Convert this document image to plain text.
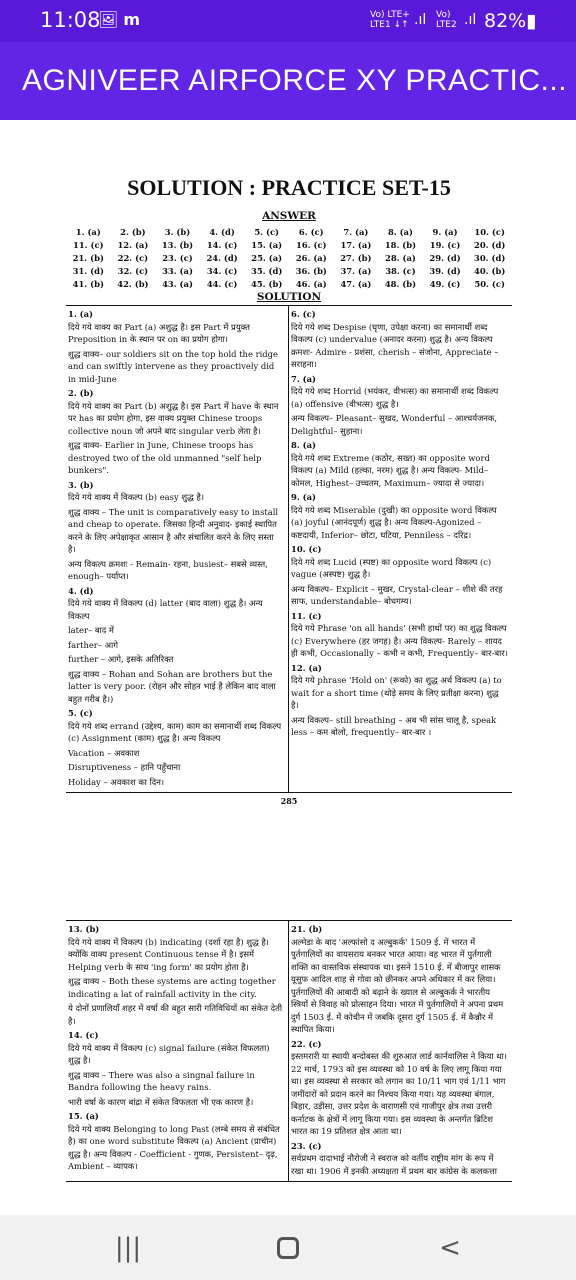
11:08
🖼 m	Vo) LTE+
LTE1 ↓↑ .ıl Vo)
LTE2 .ıl 82%▮
AGNIVEER AIRFORCE XY PRACTIC...
SOLUTION : PRACTICE SET-15
ANSWER
1. (a)	2. (b)	3. (b)	4. (d)	5. (c)	6. (c)	7. (a)	8. (a)	9. (a)	10. (c)
11. (c)	12. (a)	13. (b)	14. (c)	15. (a)	16. (c)	17. (a)	18. (b)	19. (c)	20. (d)
21. (b)	22. (c)	23. (c)	24. (d)	25. (a)	26. (a)	27. (b)	28. (a)	29. (d)	30. (d)
31. (d)	32. (c)	33. (a)	34. (c)	35. (d)	36. (b)	37. (a)	38. (c)	39. (d)	40. (b)
41. (b)	42. (b)	43. (a)	44. (c)	45. (b)	46. (a)	47. (a)	48. (b)	49. (c)	50. (c)
SOLUTION
1. (a)

दिये गये वाक्य का Part (a) अशुद्ध है। इस Part में प्रयुक्त Preposition in के स्थान पर on का प्रयोग होगा।

शुद्ध वाक्य– our soldiers sit on the top hold the ridge and can swiftly intervene as they proactively did in mid-June

2. (b)

दिये गये वाक्य का Part (b) अशुद्ध है। इस Part में have के स्थान पर has का प्रयोग होगा, इस वाक्य प्रयुक्त Chinese troops collective noun जो अपने बाद singular verb लेता है।

शुद्ध वाक्य- Earlier in June, Chinese troops has destroyed two of the old unmanned "self help bunkers".

3. (b)

दिये गये वाक्य में विकल्प (b) easy शुद्ध है।

शुद्ध वाक्य – The unit is comparatively easy to install and cheap to operate. जिसका हिन्दी अनुवाद- इकाई स्थापित करने के लिए अपेक्षाकृत आसान है और संचालित करने के लिए सस्ता है।

अन्य विकल्प क्रमशः - Remain- रहना, busiest– सबसे व्यस्त, enough– पर्याप्त।

4. (d)

दिये गये वाक्य में विकल्प (d) latter (बाद वाला) शुद्ध है। अन्य विकल्प

later– बाद में

farther– आगे

further – आगे, इसके अतिरिक्त

शुद्ध वाक्य – Rohan and Sohan are brothers but the latter is very poor. (रोहन और सोहन भाई है लेकिन बाद वाला बहुत गरीब है।)

5. (c)

दिये गये शब्द errand (उद्देश्य, काम) काम का समानार्थी शब्द विकल्प (c) Assignment (काम) शुद्ध है। अन्य विकल्प

Vacation – अवकाश

Disruptiveness – हानि पहुँचाना

Holiday – अवकाश का दिन।

6. (c)

दिये गये शब्द Despise (घृणा, उपेक्षा करना) का समानार्थी शब्द विकल्प (c) undervalue (अनादर करना) शुद्ध है। अन्य विकल्प क्रमशः- Admire - प्रशंसा, cherish – संजोना, Appreciate – सराहना।

7. (a)

दिये गये शब्द Horrid (भयंकर, वीभत्स) का समानार्थी शब्द विकल्प (a) offensive (वीभत्स) शुद्ध है।

अन्य विकल्प– Pleasant– सुखद, Wonderful – आश्चर्यजनक, Delightful– सुहाना।

8. (a)

दिये गये शब्द Extreme (कठोर, सख्त) का opposite word विकल्प (a) Mild (हल्का, नरम) शुद्ध है। अन्य विकल्प- Mild– कोमल, Highest– उच्चतम, Maximum– ज्यादा से ज्यादा।

9. (a)

दिये गये शब्द Miserable (दुखी) का opposite word विकल्प (a) joyful (आनंदपूर्ण) शुद्ध है। अन्य विकल्प-Agonized – कष्टदायी, Inferior– छोटा, घटिया, Penniless – दरिद्र।

10. (c)

दिये गये शब्द Lucid (स्पष्ट) का opposite word विकल्प (c) vague (अस्पष्ट) शुद्ध है।

अन्य विकल्प– Explicit – मुखर, Crystal-clear – शीशे की तरह साफ, understandable– बोधगम्य।

11. (c)

दिये गये Phrase 'on all hands' (सभी हाथों पर) का शुद्ध विकल्प (c) Everywhere (हर जगह) है। अन्य विकल्प- Rarely – शायद ही कभी, Occasionally – कभी न कभी, Frequently– बार-बार।

12. (a)

दिये गये phrase 'Hold on' (रूको) का शुद्ध अर्थ विकल्प (a) to wait for a short time (थोड़े समय के लिए प्रतीक्षा करना) शुद्ध है।

अन्य विकल्प– still breathing – अब भी सांस चालू है, speak less – कम बोलो, frequently– बार-बार ।

285
13. (b)

दिये गये वाक्य में विकल्प (b) indicating (दर्शा रहा है) शुद्ध है। क्योंकि वाक्य present Continuous tense में है। इसमें Helping verb के साथ 'ing form' का प्रयोग होता है।

शुद्ध वाक्य – Both these systems are acting together indicating a lat of rainfall activity in the city.

ये दोनों प्रणालियाँ शहर में वर्षा की बहुत सारी गतिविधियों का संकेत देती है।

14. (c)

दिये गये वाक्य में विकल्प (c) signal failure (संकेत विफलता) शुद्ध है।

शुद्ध वाक्य – There was also a singnal failure in Bandra following the heavy rains.

भारी वर्षा के कारण बांद्रा में संकेत विफलता भी एक कारण है।

15. (a)

दिये गये वाक्य Belonging to long Past (लम्बे समय से संबंधित है) का one word substitute विकल्प (a) Ancient (प्राचीन) शुद्ध है। अन्य विकल्प - Coefficient - गुणक, Persistent– दृढ़, Ambient – व्यापक।

21. (b)

अल्मेडा के बाद 'अल्फांसो द अल्बुकर्क' 1509 ई. में भारत में पुर्तगालियों का वायसराय बनकर भारत आया। वह भारत में पुर्तगाली शक्ति का वास्तविक संस्थापक था। इसने 1510 ई. में बीजापुर शासक यूसुफ आदिल शाह से गोवा को छीनकर अपने अधिकार में कर लिया। पुर्तगालियों की आबादी को बढ़ाने के ख्याल से अल्बुकर्क ने भारतीय स्त्रियों से विवाह को प्रोत्साहन दिया। भारत में पुर्तगालियों ने अपना प्रथम दुर्ग 1503 ई. में कोचीन में जबकि दूसरा दुर्ग 1505 ई. में कैन्नौर में स्थापित किया।

22. (c)

इस्तमरारी या स्थायी बन्दोबस्त की शुरुआत लार्ड कार्नवालिस ने किया था। 22 मार्च, 1793 को इस व्यवस्था को 10 वर्ष के लिए लागू किया गया था। इस व्यवस्था से सरकार को लगान का 10/11 भाग एवं 1/11 भाग जमींदारों को प्रदान करने का निश्चय किया गया। यह व्यवस्था बंगाल, बिहार, उड़ीसा, उत्तर प्रदेश के वाराणसी एवं गाजीपुर क्षेत्र तथा उत्तरी कर्नाटक के क्षेत्रों में लागू किया गया। इस व्यवस्था के अन्तर्गत ब्रिटिश भारत का 19 प्रतिशत क्षेत्र आता था।

23. (c)

सर्वप्रथम दादाभाई नौरोजी ने स्वराज को वर्तीय राष्ट्रीय मांग के रूप में रखा था। 1906 में इनकी अध्यक्षता में प्रथम बार कांग्रेस के कलकत्ता

|||	<
